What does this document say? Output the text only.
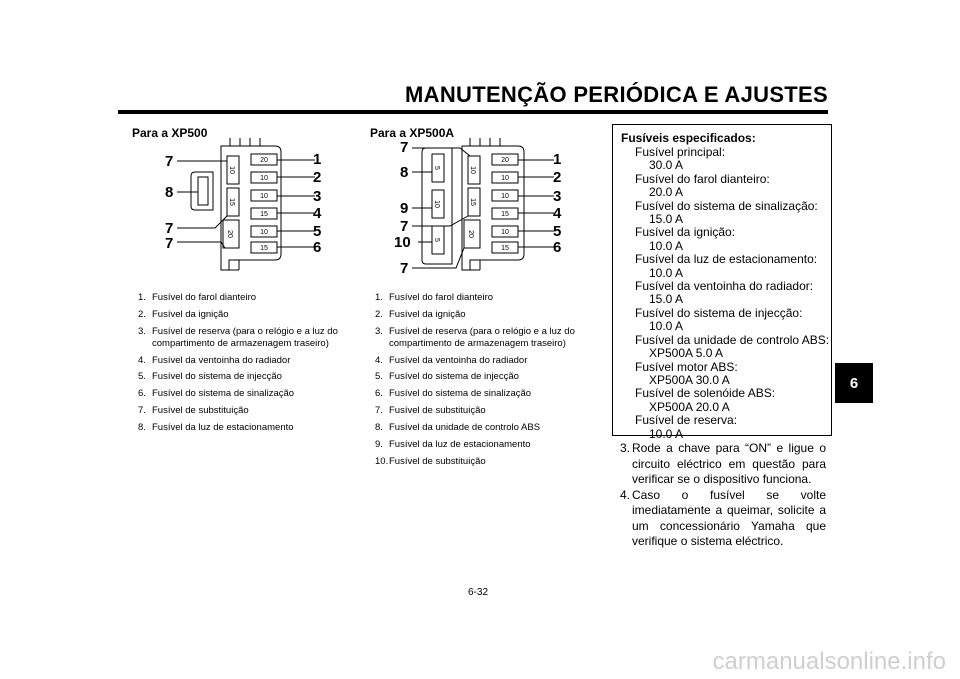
MANUTENÇÃO PERIÓDICA E AJUSTES
6
Para a XP500
20
10
10
15
10
15
10
15
20
7
8
7
7
1
2
3
4
5
6
1. Fusível do farol dianteiro
2. Fusível da ignição
3. Fusível de reserva (para o relógio e a luz do compartimento de armazenagem traseiro)
4. Fusível da ventoinha do radiador
5. Fusível do sistema de injecção
6. Fusível do sistema de sinalização
7. Fusível de substituição
8. Fusível da luz de estacionamento
Para a XP500A
20
10
10
15
10
15
10
15
5
10
5
20
7
8
9
7
10
7
1
2
3
4
5
6
1. Fusível do farol dianteiro
2. Fusível da ignição
3. Fusível de reserva (para o relógio e a luz do compartimento de armazenagem traseiro)
4. Fusível da ventoinha do radiador
5. Fusível do sistema de injecção
6. Fusível do sistema de sinalização
7. Fusível de substituição
8. Fusível da unidade de controlo ABS
9. Fusível da luz de estacionamento
10. Fusível de substituição
Fusíveis especificados:
Fusível principal:
30.0 A
Fusível do farol dianteiro:
20.0 A
Fusível do sistema de sinalização:
15.0 A
Fusível da ignição:
10.0 A
Fusível da luz de estacionamento:
10.0 A
Fusível da ventoinha do radiador:
15.0 A
Fusível do sistema de injecção:
10.0 A
Fusível da unidade de controlo ABS:
XP500A 5.0 A
Fusível motor ABS:
XP500A 30.0 A
Fusível de solenóide ABS:
XP500A 20.0 A
Fusível de reserva:
10.0 A
3. Rode a chave para “ON” e ligue o circuito eléctrico em questão para verificar se o dispositivo funciona.
4. Caso o fusível se volte imediatamente a queimar, solicite a um concessionário Yamaha que verifique o sistema eléctrico.
6-32
carmanualsonline.info
